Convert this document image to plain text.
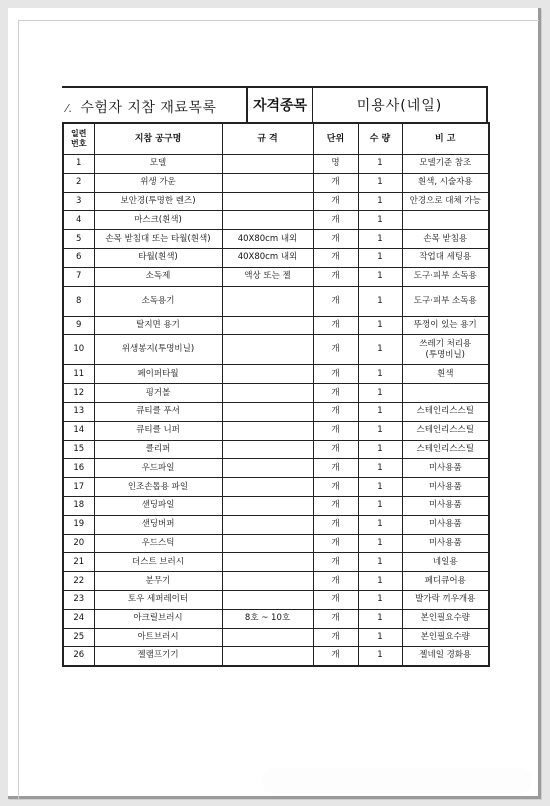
⁄. 수험자 지참 재료목록	자격종목	미용사(네일)
일련
번호	지참 공구명	규 격	단위	수 량	비 고
1	모델		명	1	모델기준 참조
2	위생 가운		개	1	흰색, 시술자용
3	보안경(투명한 렌즈)		개	1	안경으로 대체 가능
4	마스크(흰색)		개	1	
5	손목 받침대 또는 타월(흰색)	40X80cm 내외	개	1	손목 받침용
6	타월(흰색)	40X80cm 내외	개	1	작업대 세팅용
7	소독제	액상 또는 젤	개	1	도구·피부 소독용
8	소독용기		개	1	도구·피부 소독용
9	탈지면 용기		개	1	뚜껑이 있는 용기
10	위생봉지(투명비닐)		개	1	쓰레기 처리용
(투명비닐)
11	페이퍼타월		개	1	흰색
12	핑거볼		개	1	
13	큐티클 푸셔		개	1	스테인리스스틸
14	큐티클 니퍼		개	1	스테인리스스틸
15	클리퍼		개	1	스테인리스스틸
16	우드파일		개	1	미사용품
17	인조손톱용 파일		개	1	미사용품
18	샌딩파일		개	1	미사용품
19	샌딩버퍼		개	1	미사용품
20	우드스틱		개	1	미사용품
21	더스트 브러시		개	1	네일용
22	분무기		개	1	페디큐어용
23	토우 세퍼레이터		개	1	발가락 끼우개용
24	아크릴브러시	8호 ~ 10호	개	1	본인필요수량
25	아트브러시		개	1	본인필요수량
26	젤램프기기		개	1	젤네일 경화용
